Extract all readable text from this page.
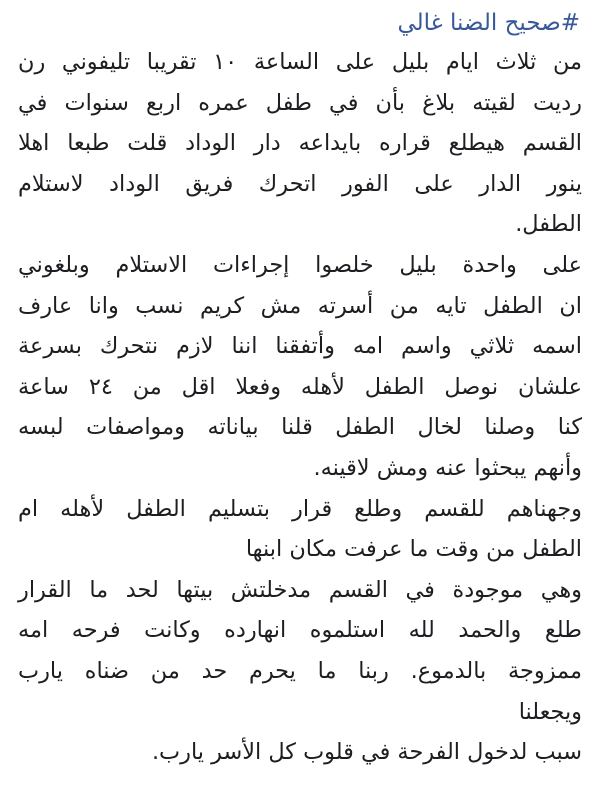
#صحيح الضنا غالي
من ثلاث ايام بليل على الساعة ١٠ تقريبا تليفوني رن
رديت لقيته بلاغ بأن في طفل عمره اربع سنوات في
القسم هيطلع قراره بايداعه دار الوداد قلت طبعا اهلا
ينور الدار على الفور اتحرك فريق الوداد لاستلام
الطفل.
على واحدة بليل خلصوا إجراءات الاستلام وبلغوني
ان الطفل تايه من أسرته مش كريم نسب وانا عارف
اسمه ثلاثي واسم امه وأتفقنا اننا لازم نتحرك بسرعة
علشان نوصل الطفل لأهله وفعلا اقل من ٢٤ ساعة
كنا وصلنا لخال الطفل قلنا بياناته ومواصفات لبسه
وأنهم يبحثوا عنه ومش لاقينه.
وجهناهم للقسم وطلع قرار بتسليم الطفل لأهله ام
الطفل من وقت ما عرفت مكان ابنها
وهي موجودة في القسم مدخلتش بيتها لحد ما القرار
طلع والحمد لله استلموه انهارده وكانت فرحه امه
ممزوجة بالدموع. ربنا ما يحرم حد من ضناه يارب
ويجعلنا
سبب لدخول الفرحة في قلوب كل الأسر يارب.
